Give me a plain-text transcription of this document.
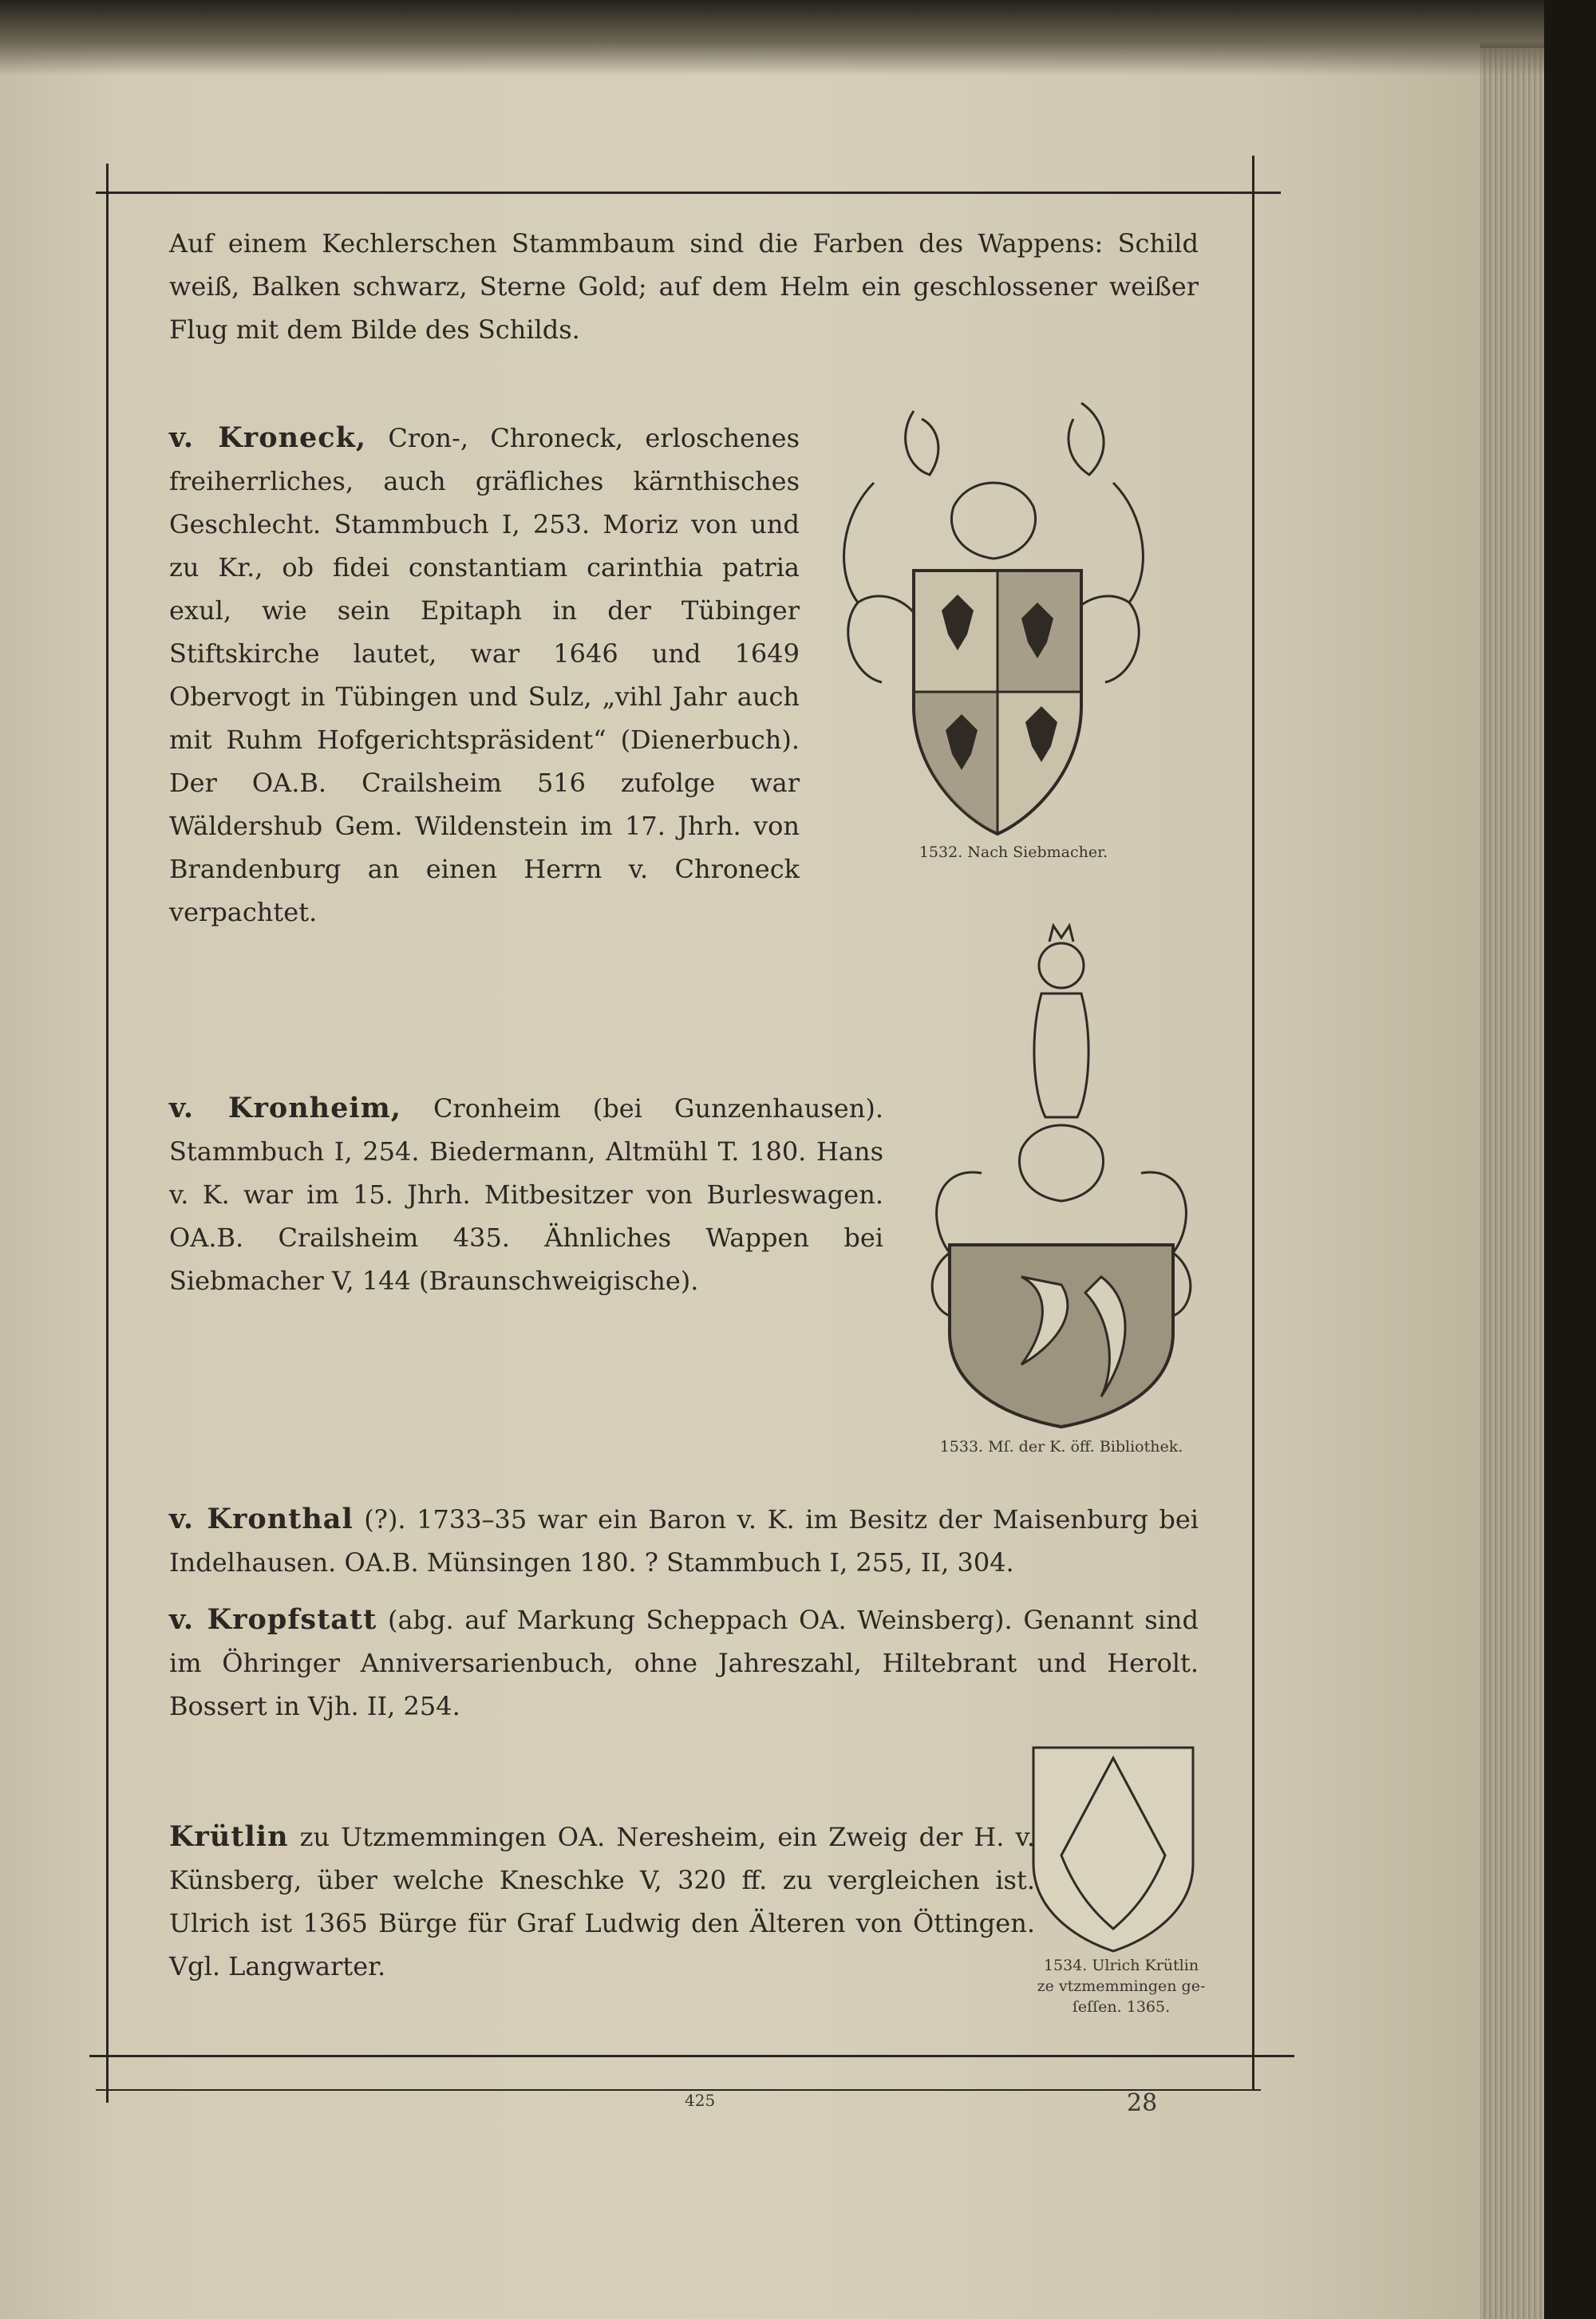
Auf einem Kechlerschen Stammbaum sind die Farben des Wappens: Schild weiß, Balken schwarz, Sterne Gold; auf dem Helm ein geschlossener weißer Flug mit dem Bilde des Schilds.

v. Kroneck, Cron-, Chroneck, erloschenes freiherrliches, auch gräfliches kärnthisches Geschlecht. Stammbuch I, 253. Moriz von und zu Kr., ob fidei constantiam carinthia patria exul, wie sein Epitaph in der Tübinger Stiftskirche lautet, war 1646 und 1649 Obervogt in Tübingen und Sulz, „vihl Jahr auch mit Ruhm Hofgerichtspräsident“ (Dienerbuch). Der OA.B. Crailsheim 516 zufolge war Wäldershub Gem. Wildenstein im 17. Jhrh. von Brandenburg an einen Herrn v. Chroneck verpachtet.

1532. Nach Siebmacher.

1533. Mſ. der K. öff. Bibliothek.

v. Kronheim, Cronheim (bei Gunzenhausen). Stammbuch I, 254. Biedermann, Altmühl T. 180. Hans v. K. war im 15. Jhrh. Mitbesitzer von Burleswagen. OA.B. Crailsheim 435. Ähnliches Wappen bei Siebmacher V, 144 (Braunschweigische).

v. Kronthal (?). 1733–35 war ein Baron v. K. im Besitz der Maisenburg bei Indelhausen. OA.B. Münsingen 180. ? Stammbuch I, 255, II, 304.

v. Kropfstatt (abg. auf Markung Scheppach OA. Weinsberg). Genannt sind im Öhringer Anniversarienbuch, ohne Jahreszahl, Hiltebrant und Herolt. Bossert in Vjh. II, 254.

1534. Ulrich Krütlin
ze vtzmemmingen ge-
ſeſſen. 1365.

Krütlin zu Utzmemmingen OA. Neresheim, ein Zweig der H. v. Künsberg, über welche Kneschke V, 320 ff. zu vergleichen ist. Ulrich ist 1365 Bürge für Graf Ludwig den Älteren von Öttingen. Vgl. Langwarter.

425	28
